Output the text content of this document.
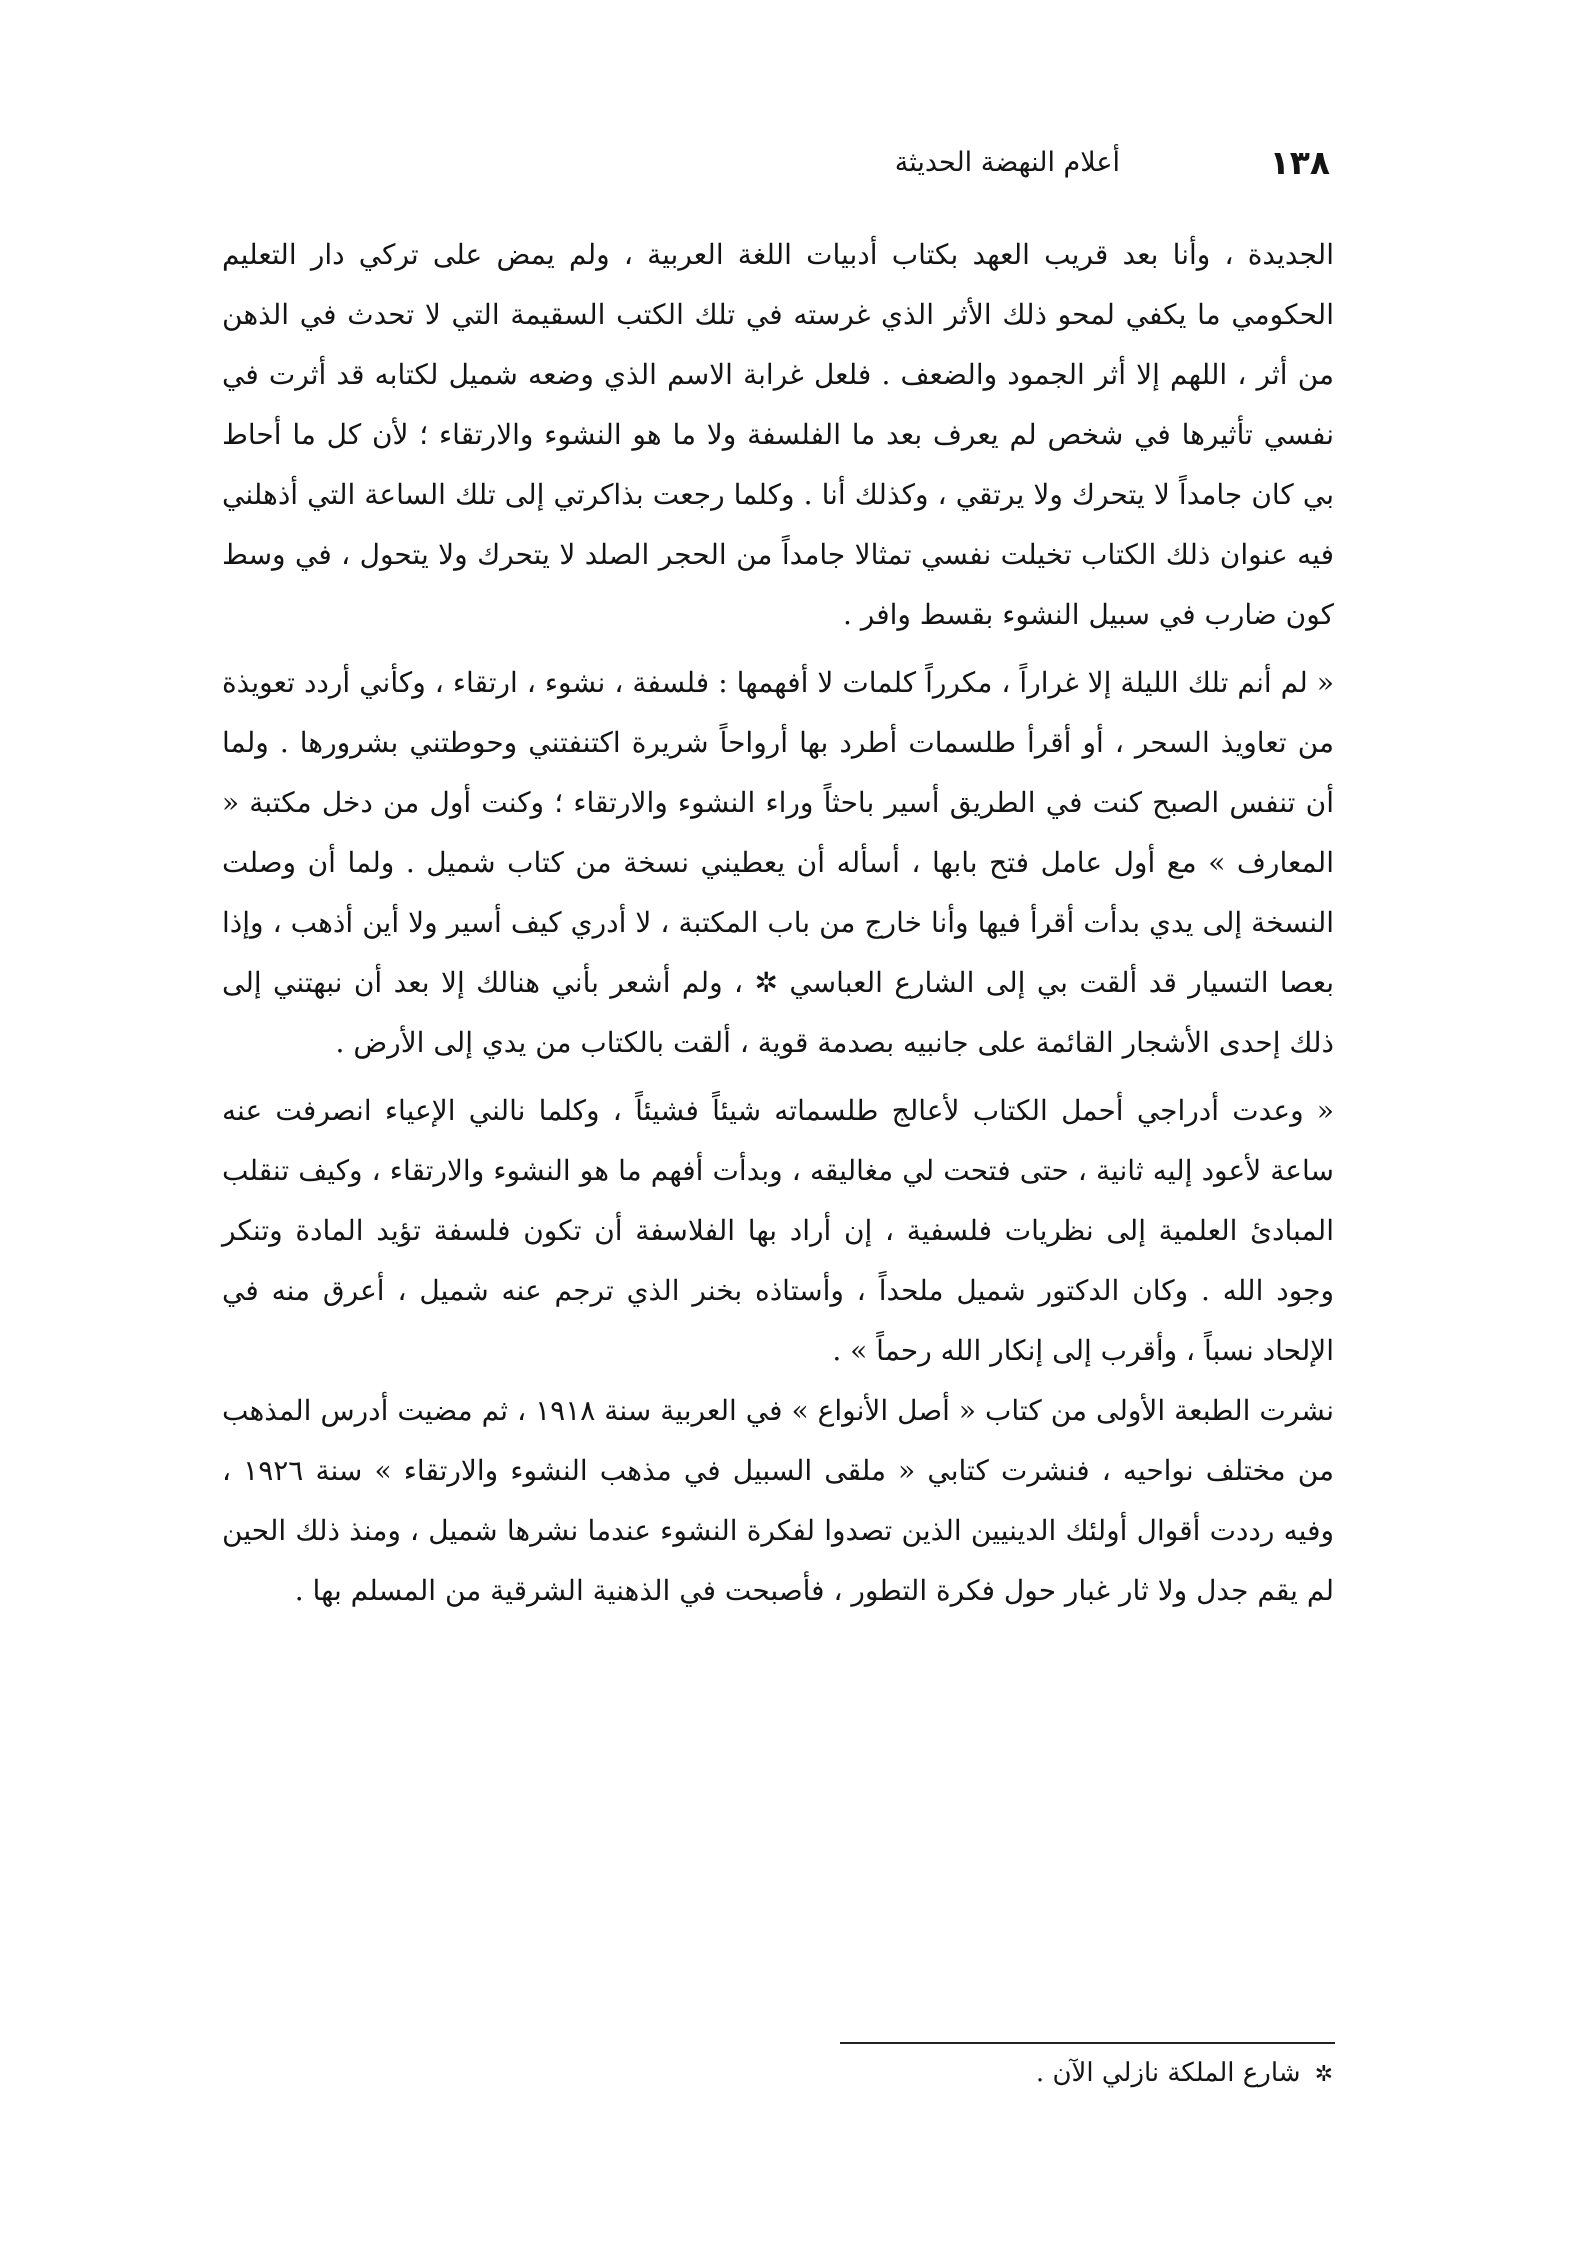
١٣٨
أعلام النهضة الحديثة

الجديدة ، وأنا بعد قريب العهد بكتاب أدبيات اللغة العربية ، ولم يمض على تركي دار التعليم الحكومي ما يكفي لمحو ذلك الأثر الذي غرسته في تلك الكتب السقيمة التي لا تحدث في الذهن من أثر ، اللهم إلا أثر الجمود والضعف . فلعل غرابة الاسم الذي وضعه شميل لكتابه قد أثرت في نفسي تأثيرها في شخص لم يعرف بعد ما الفلسفة ولا ما هو النشوء والارتقاء ؛ لأن كل ما أحاط بي كان جامداً لا يتحرك ولا يرتقي ، وكذلك أنا . وكلما رجعت بذاكرتي إلى تلك الساعة التي أذهلني فيه عنوان ذلك الكتاب تخيلت نفسي تمثالا جامداً من الحجر الصلد لا يتحرك ولا يتحول ، في وسط كون ضارب في سبيل النشوء بقسط وافر .

« لم أنم تلك الليلة إلا غراراً ، مكرراً كلمات لا أفهمها : فلسفة ، نشوء ، ارتقاء ، وكأني أردد تعويذة من تعاويذ السحر ، أو أقرأ طلسمات أطرد بها أرواحاً شريرة اكتنفتني وحوطتني بشرورها . ولما أن تنفس الصبح كنت في الطريق أسير باحثاً وراء النشوء والارتقاء ؛ وكنت أول من دخل مكتبة « المعارف » مع أول عامل فتح بابها ، أسأله أن يعطيني نسخة من كتاب شميل . ولما أن وصلت النسخة إلى يدي بدأت أقرأ فيها وأنا خارج من باب المكتبة ، لا أدري كيف أسير ولا أين أذهب ، وإذا بعصا التسيار قد ألقت بي إلى الشارع العباسي ✲ ، ولم أشعر بأني هنالك إلا بعد أن نبهتني إلى ذلك إحدى الأشجار القائمة على جانبيه بصدمة قوية ، ألقت بالكتاب من يدي إلى الأرض .

« وعدت أدراجي أحمل الكتاب لأعالج طلسماته شيئاً فشيئاً ، وكلما نالني الإعياء انصرفت عنه ساعة لأعود إليه ثانية ، حتى فتحت لي مغاليقه ، وبدأت أفهم ما هو النشوء والارتقاء ، وكيف تنقلب المبادئ العلمية إلى نظريات فلسفية ، إن أراد بها الفلاسفة أن تكون فلسفة تؤيد المادة وتنكر وجود الله . وكان الدكتور شميل ملحداً ، وأستاذه بخنر الذي ترجم عنه شميل ، أعرق منه في الإلحاد نسباً ، وأقرب إلى إنكار الله رحماً » .

نشرت الطبعة الأولى من كتاب « أصل الأنواع » في العربية سنة ١٩١٨ ، ثم مضيت أدرس المذهب من مختلف نواحيه ، فنشرت كتابي « ملقى السبيل في مذهب النشوء والارتقاء » سنة ١٩٢٦ ، وفيه رددت أقوال أولئك الدينيين الذين تصدوا لفكرة النشوء عندما نشرها شميل ، ومنذ ذلك الحين لم يقم جدل ولا ثار غبار حول فكرة التطور ، فأصبحت في الذهنية الشرقية من المسلم بها .

✲شارع الملكة نازلي الآن .
